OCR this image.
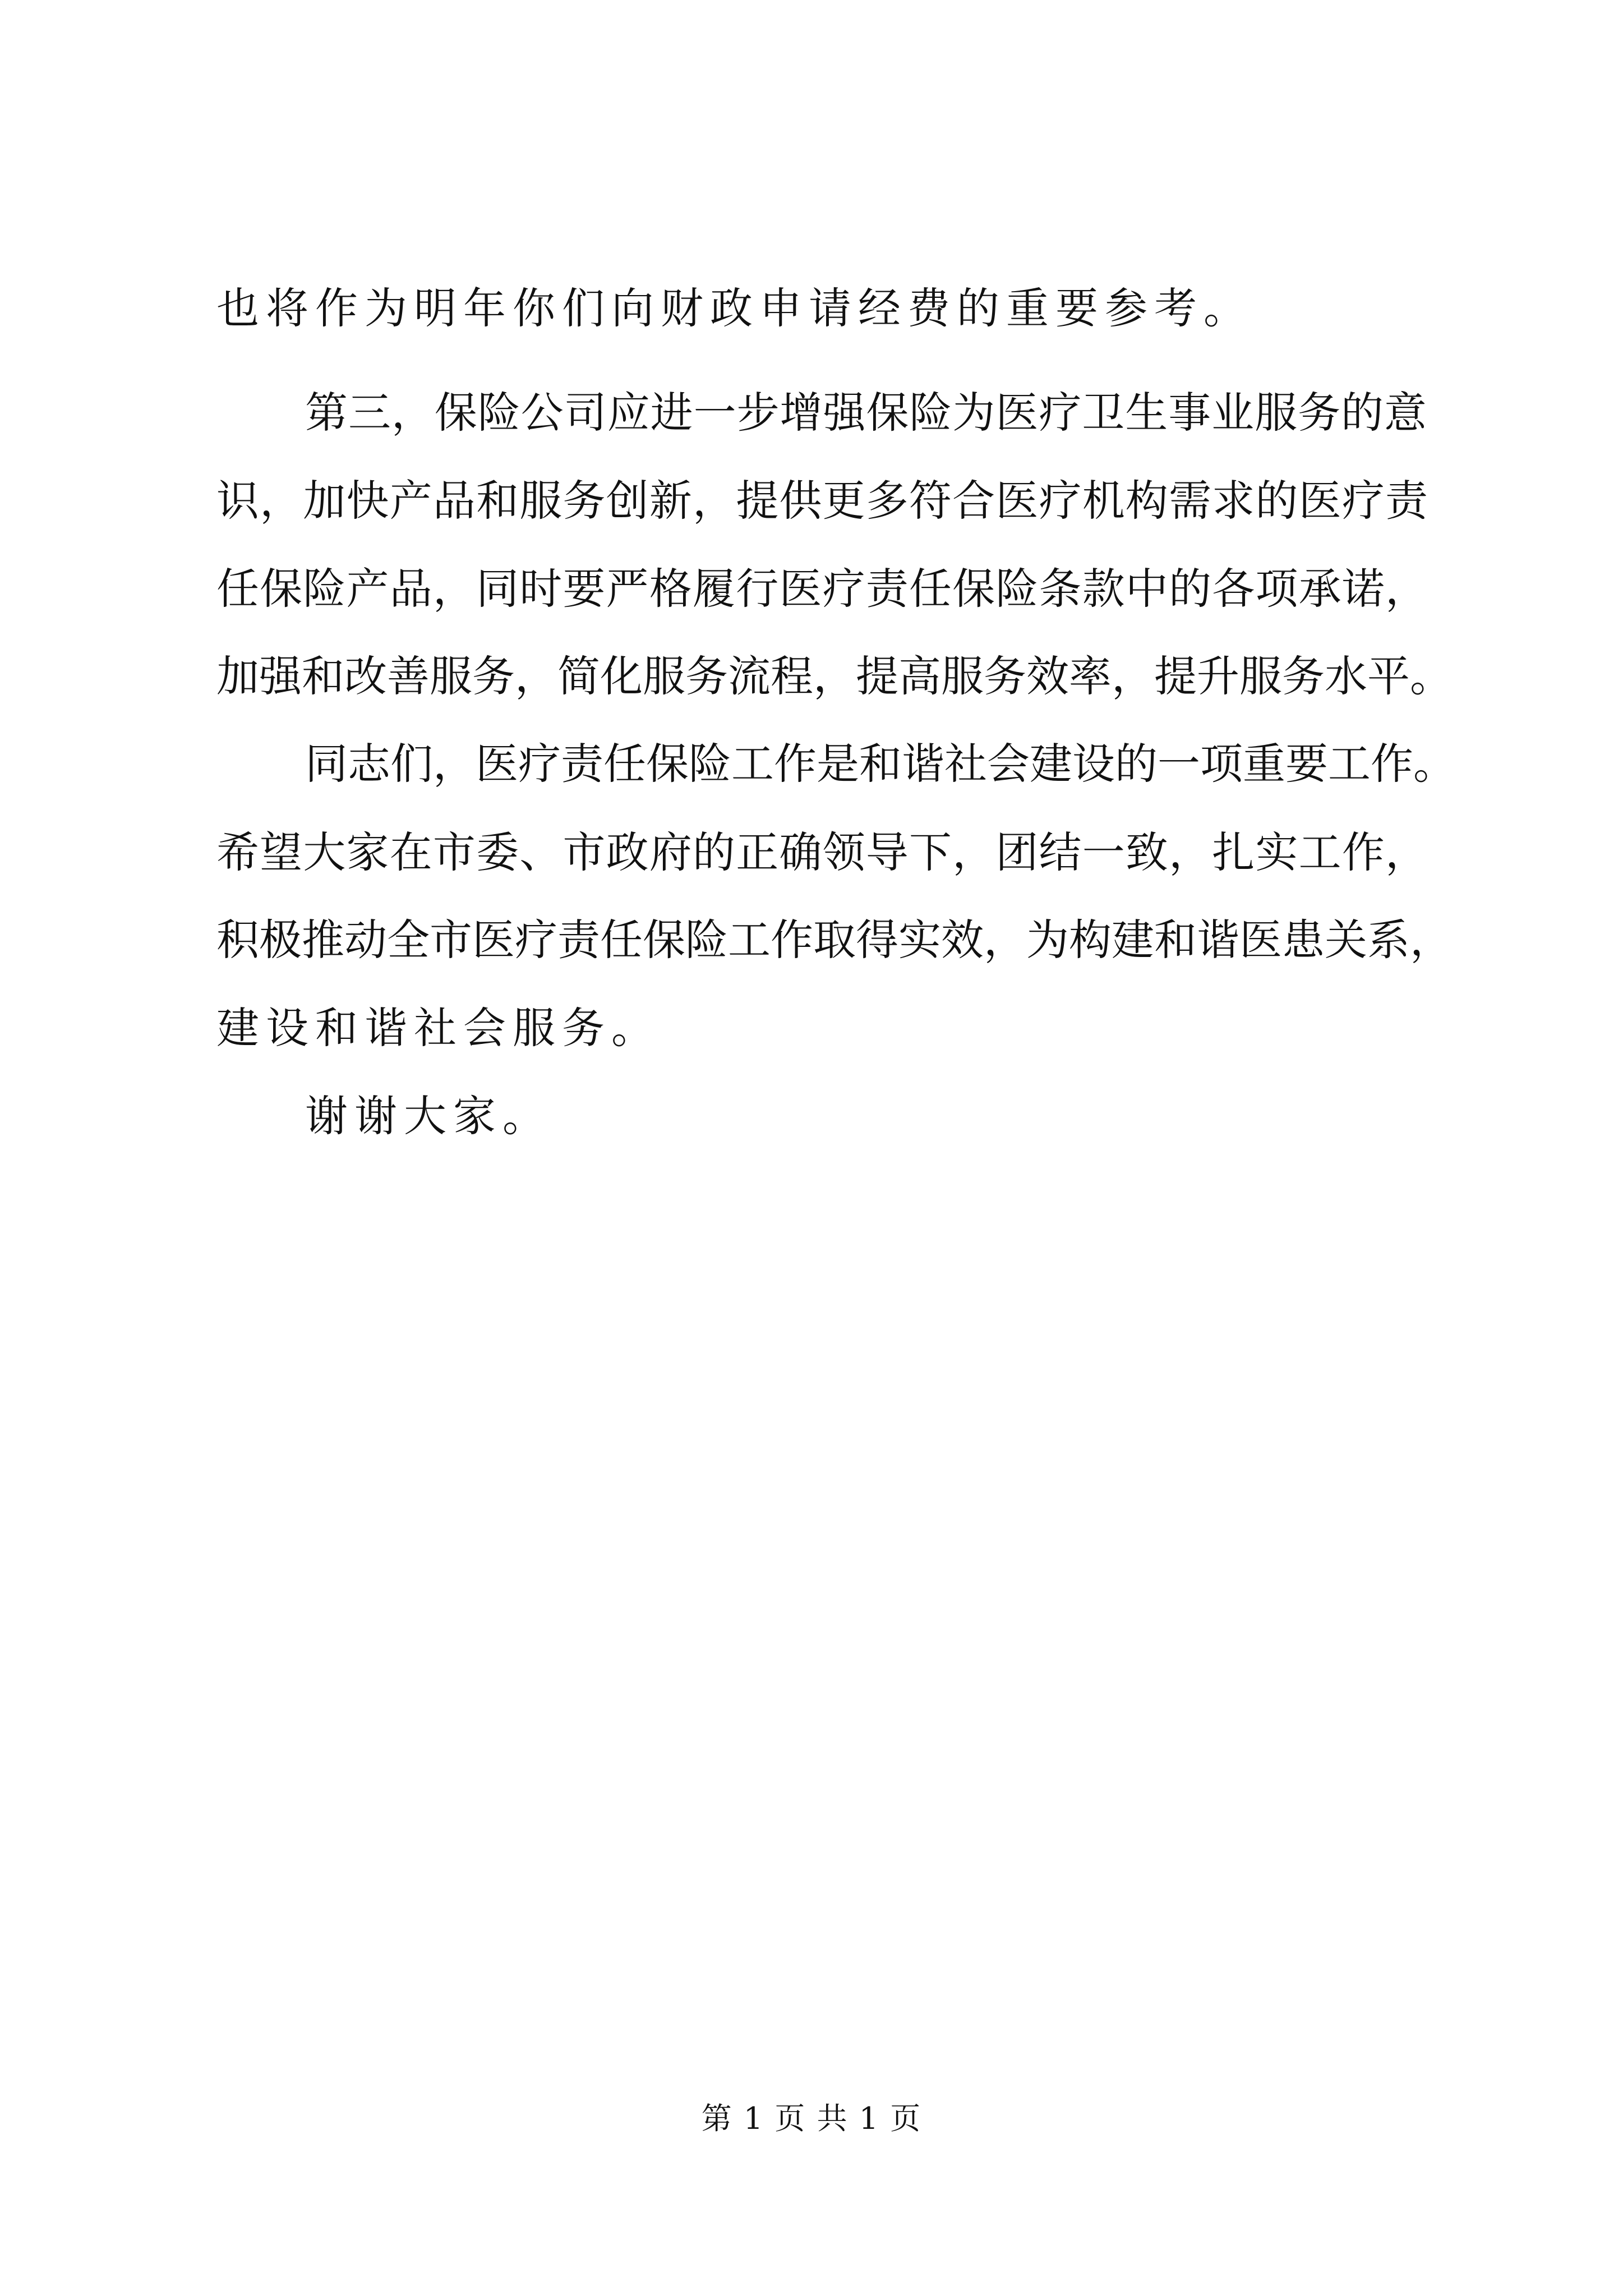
也将作为明年你们向财政申请经费的重要参考。
第三，保险公司应进一步增强保险为医疗卫生事业服务的意
识，加快产品和服务创新，提供更多符合医疗机构需求的医疗责
任保险产品，同时要严格履行医疗责任保险条款中的各项承诺，
加强和改善服务，简化服务流程，提高服务效率，提升服务水平。
同志们，医疗责任保险工作是和谐社会建设的一项重要工作。
希望大家在市委、市政府的正确领导下，团结一致，扎实工作，
积极推动全市医疗责任保险工作取得实效，为构建和谐医患关系，
建设和谐社会服务。
谢谢大家。
第 1 页 共 1 页
